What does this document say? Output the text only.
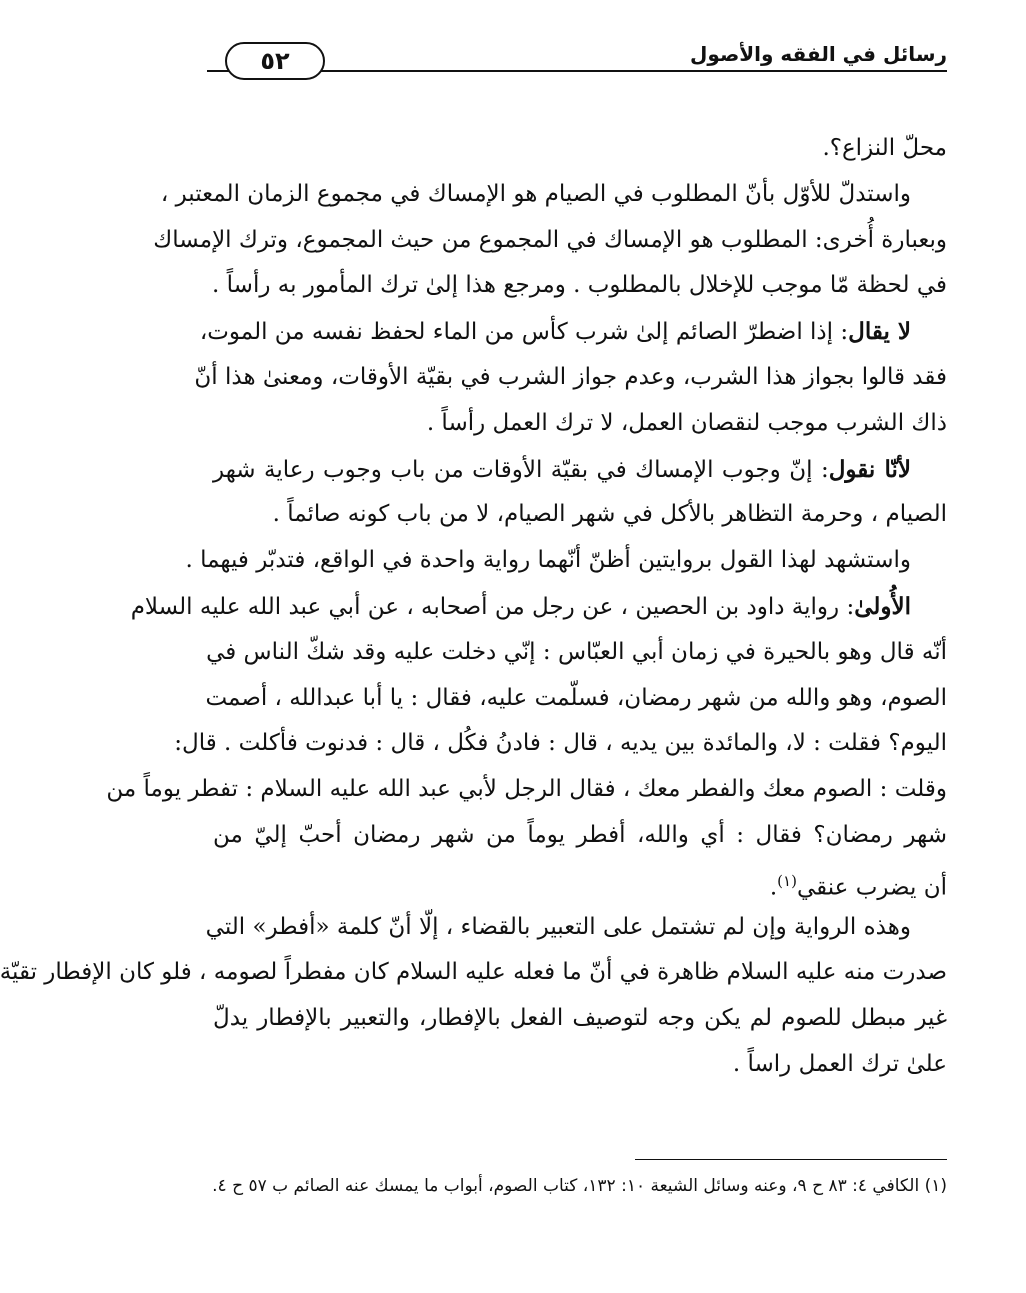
رسائل في الفقه والأصول
٥٢
محلّ النزاع؟.
واستدلّ للأوّل بأنّ المطلوب في الصيام هو الإمساك في مجموع الزمان المعتبر ،
وبعبارة أُخرى: المطلوب هو الإمساك في المجموع من حيث المجموع، وترك الإمساك
في لحظة مّا موجب للإخلال بالمطلوب . ومرجع هذا إلىٰ ترك المأمور به رأساً .
لا يقال: إذا اضطرّ الصائم إلىٰ شرب كأس من الماء لحفظ نفسه من الموت،
فقد قالوا بجواز هذا الشرب، وعدم جواز الشرب في بقيّة الأوقات، ومعنىٰ هذا أنّ
ذاك الشرب موجب لنقصان العمل، لا ترك العمل رأساً .
لأنّا نقول: إنّ وجوب الإمساك في بقيّة الأوقات من باب وجوب رعاية شهر
الصيام ، وحرمة التظاهر بالأكل في شهر الصيام، لا من باب كونه صائماً .
واستشهد لهذا القول بروايتين أظنّ أنّهما رواية واحدة في الواقع، فتدبّر فيهما .
الأُولىٰ: رواية داود بن الحصين ، عن رجل من أصحابه ، عن أبي عبد الله عليه السلام
أنّه قال وهو بالحيرة في زمان أبي العبّاس : إنّي دخلت عليه وقد شكّ الناس في
الصوم، وهو والله من شهر رمضان، فسلّمت عليه، فقال : يا أبا عبدالله ، أصمت
اليوم؟ فقلت : لا، والمائدة بين يديه ، قال : فادنُ فكُل ، قال : فدنوت فأكلت . قال:
وقلت : الصوم معك والفطر معك ، فقال الرجل لأبي عبد الله عليه السلام : تفطر يوماً من
شهر رمضان؟ فقال : أي والله، أفطر يوماً من شهر رمضان أحبّ إليّ من
أن يضرب عنقي$^{(١)}$.
وهذه الرواية وإن لم تشتمل على التعبير بالقضاء ، إلّا أنّ كلمة «أفطر» التي
صدرت منه عليه السلام ظاهرة في أنّ ما فعله عليه السلام كان مفطراً لصومه ، فلو كان الإفطار تقيّة
غير مبطل للصوم لم يكن وجه لتوصيف الفعل بالإفطار، والتعبير بالإفطار يدلّ
علىٰ ترك العمل راساً .
(١) الكافي ٤: ٨٣ ح ٩، وعنه وسائل الشيعة ١٠: ١٣٢، كتاب الصوم، أبواب ما يمسك عنه الصائم ب ٥٧ ح ٤.
